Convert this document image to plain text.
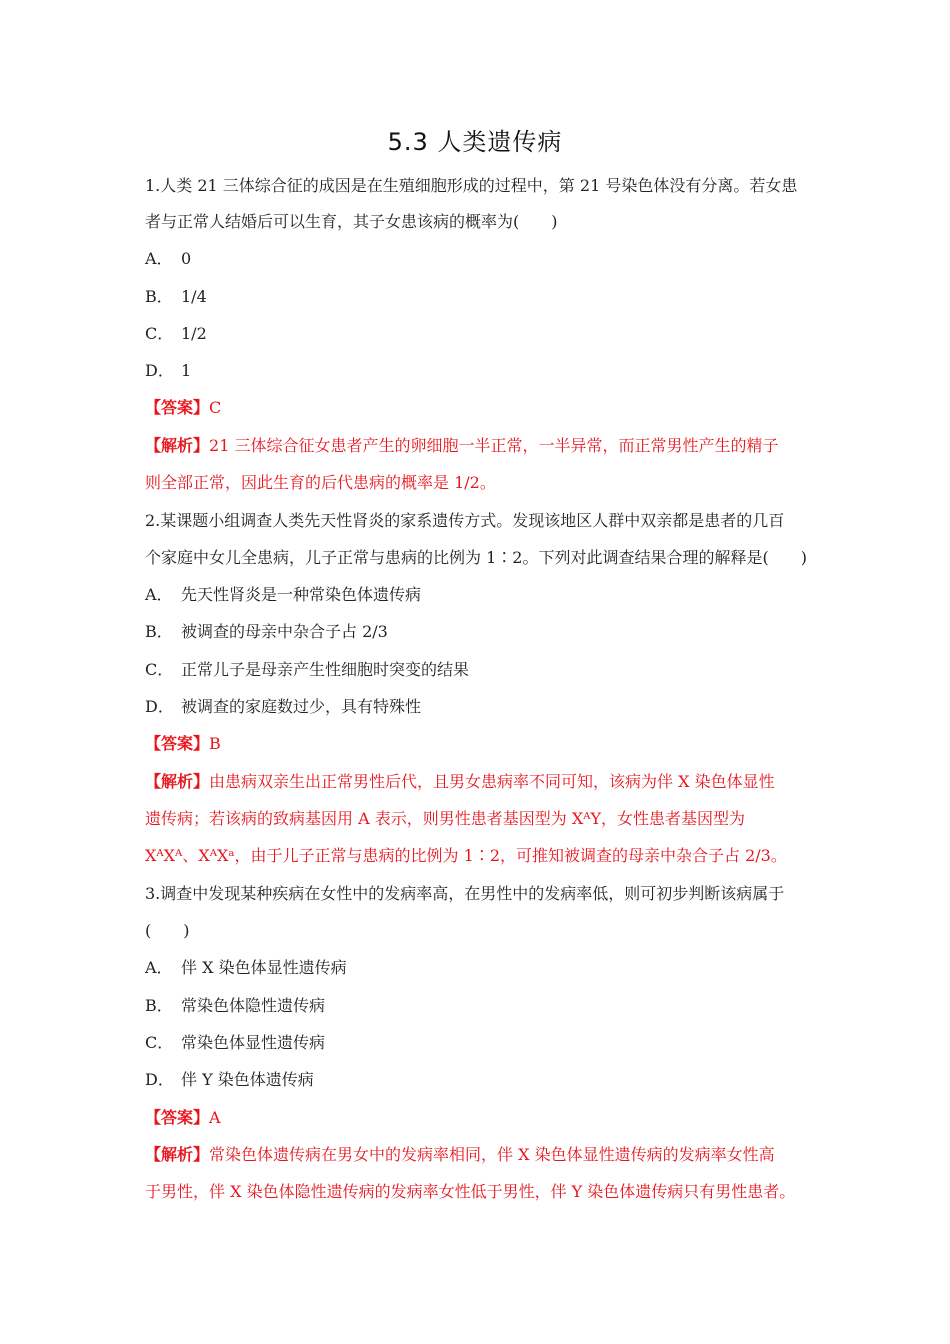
5.3 人类遗传病
1.人类 21 三体综合征的成因是在生殖细胞形成的过程中，第 21 号染色体没有分离。若女患
者与正常人结婚后可以生育，其子女患该病的概率为(　　)
A． 0
B． 1/4
C． 1/2
D． 1
【答案】C
【解析】21 三体综合征女患者产生的卵细胞一半正常，一半异常，而正常男性产生的精子
则全部正常，因此生育的后代患病的概率是 1/2。
2.某课题小组调查人类先天性肾炎的家系遗传方式。发现该地区人群中双亲都是患者的几百
个家庭中女儿全患病，儿子正常与患病的比例为 1∶2。下列对此调查结果合理的解释是(　　)
A． 先天性肾炎是一种常染色体遗传病
B． 被调查的母亲中杂合子占 2/3
C． 正常儿子是母亲产生性细胞时突变的结果
D． 被调查的家庭数过少，具有特殊性
【答案】B
【解析】由患病双亲生出正常男性后代，且男女患病率不同可知，该病为伴 X 染色体显性
遗传病；若该病的致病基因用 A 表示，则男性患者基因型为 XᴬY，女性患者基因型为
XᴬXᴬ、XᴬXᵃ，由于儿子正常与患病的比例为 1∶2，可推知被调查的母亲中杂合子占 2/3。
3.调查中发现某种疾病在女性中的发病率高，在男性中的发病率低，则可初步判断该病属于
(　　)
A． 伴 X 染色体显性遗传病
B． 常染色体隐性遗传病
C． 常染色体显性遗传病
D． 伴 Y 染色体遗传病
【答案】A
【解析】常染色体遗传病在男女中的发病率相同，伴 X 染色体显性遗传病的发病率女性高
于男性，伴 X 染色体隐性遗传病的发病率女性低于男性，伴 Y 染色体遗传病只有男性患者。
